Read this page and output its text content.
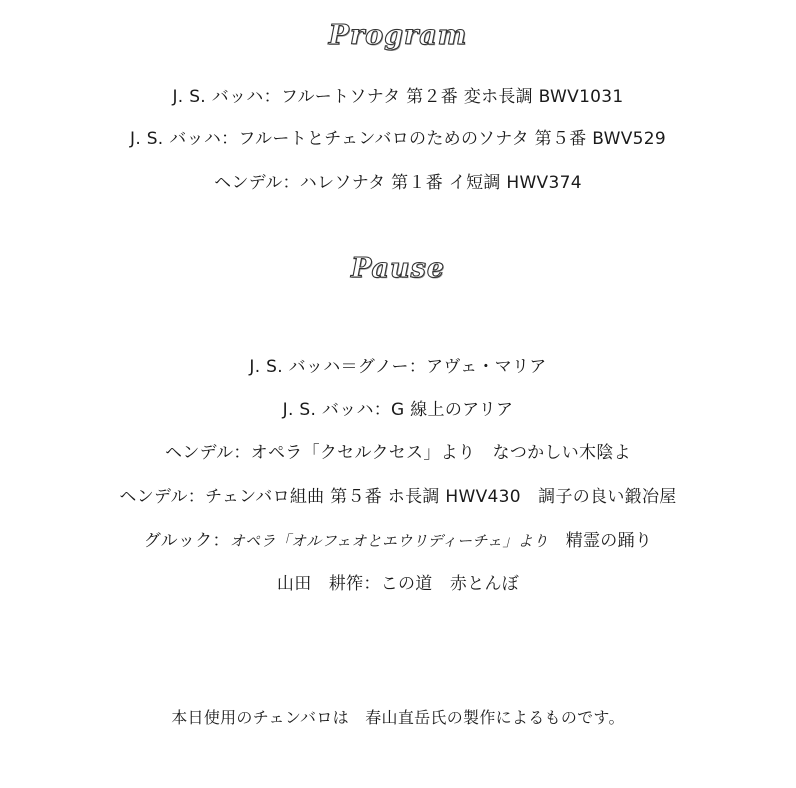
Program
J. S. バッハ：フルートソナタ 第２番 変ホ長調 BWV1031
J. S. バッハ：フルートとチェンバロのためのソナタ 第５番 BWV529
ヘンデル：ハレソナタ 第１番 イ短調 HWV374
Pause
J. S. バッハ＝グノー：アヴェ・マリア
J. S. バッハ：G 線上のアリア
ヘンデル：オペラ「クセルクセス」より　なつかしい木陰よ
ヘンデル：チェンバロ組曲 第５番 ホ長調 HWV430　調子の良い鍛冶屋
グルック：オペラ「オルフェオとエウリディーチェ」より　精霊の踊り
山田　耕筰：この道　赤とんぼ
本日使用のチェンバロは　春山直岳氏の製作によるものです。
